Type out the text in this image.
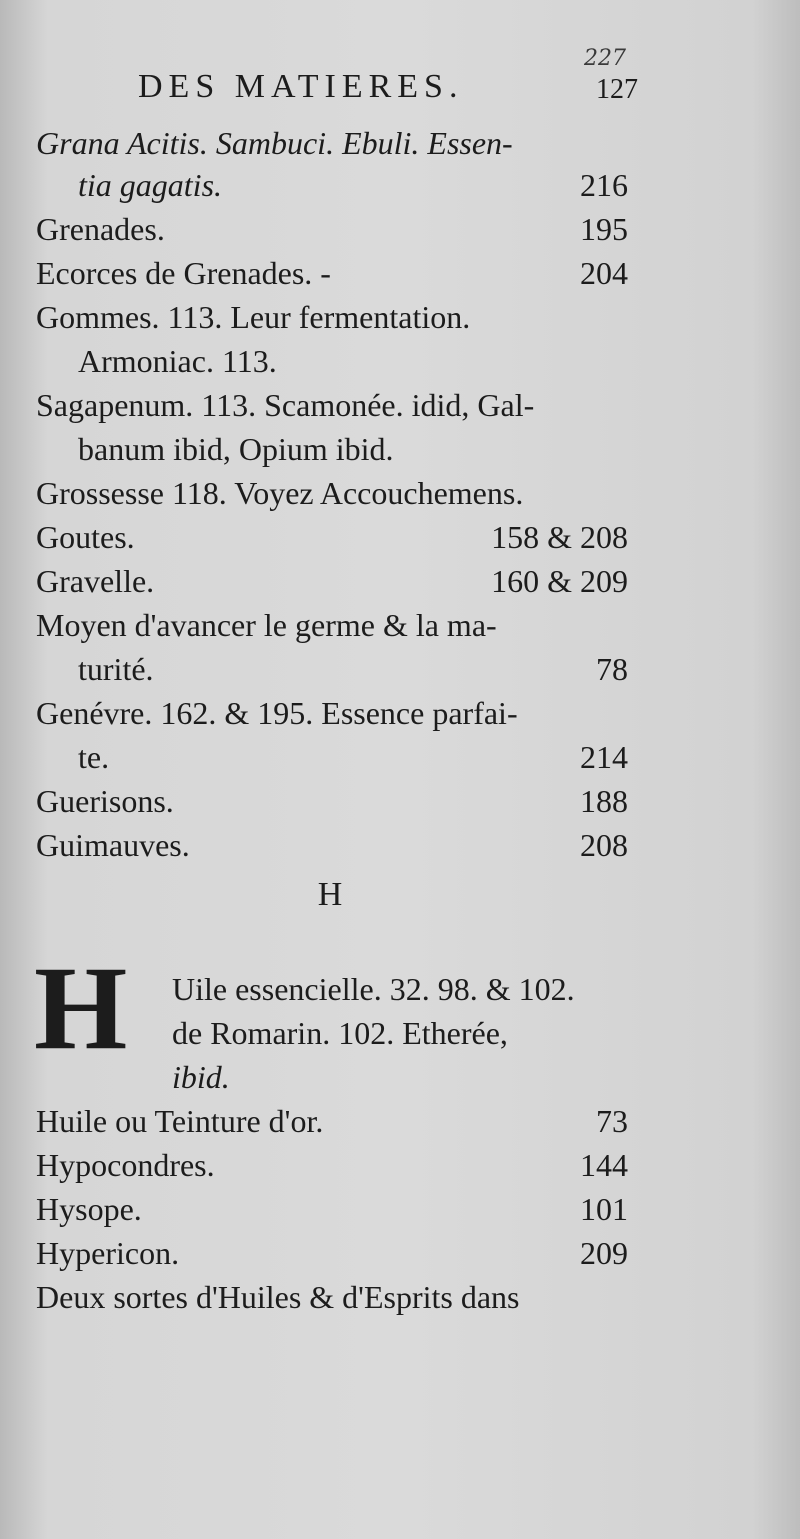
227
DES MATIERES.	127
Grana Acitis. Sambuci. Ebuli. Essen-
tia gagatis.	216
Grenades.	195
Ecorces de Grenades. -	204
Gommes. 113. Leur fermentation.
Armoniac. 113.
Sagapenum. 113. Scamonée. idid, Gal-
banum ibid, Opium ibid.
Grossesse 118. Voyez Accouchemens.
Goutes.	158 & 208
Gravelle.	160 & 209
Moyen d'avancer le germe & la ma-
turité.	78
Genévre. 162. & 195. Essence parfai-
te.	214
Guerisons.	188
Guimauves.	208
Uile essencielle. 32. 98. & 102.
de Romarin. 102. Etherée,
ibid.
Huile ou Teinture d'or.	73
Hypocondres.	144
Hysope.	101
Hypericon.	209
Deux sortes d'Huiles & d'Esprits dans
H
H
